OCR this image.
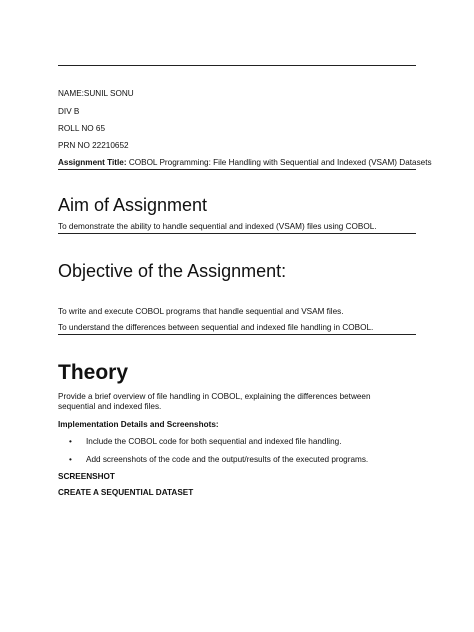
NAME:SUNIL SONU
DIV B
ROLL NO 65
PRN NO 22210652
Assignment Title: COBOL Programming: File Handling with Sequential and Indexed (VSAM) Datasets
Aim of Assignment
To demonstrate the ability to handle sequential and indexed (VSAM) files using COBOL.
Objective of the Assignment:
To write and execute COBOL programs that handle sequential and VSAM files.
To understand the differences between sequential and indexed file handling in COBOL.
Theory
Provide a brief overview of file handling in COBOL, explaining the differences between sequential and indexed files.
Implementation Details and Screenshots:
• Include the COBOL code for both sequential and indexed file handling.
• Add screenshots of the code and the output/results of the executed programs.
SCREENSHOT
CREATE A SEQUENTIAL DATASET
